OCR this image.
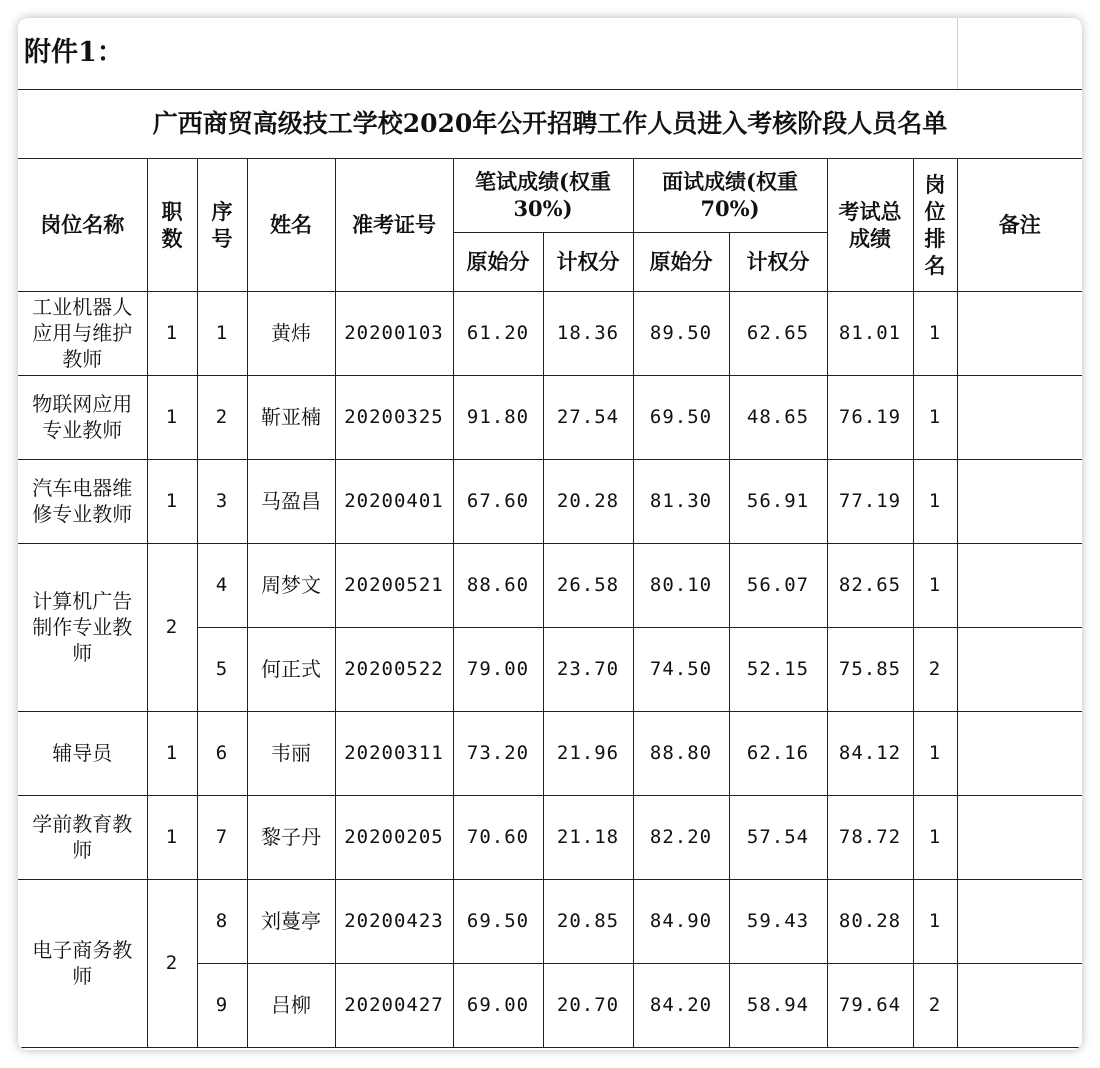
附件1：											
广西商贸高级技工学校2020年公开招聘工作人员进入考核阶段人员名单											
岗位名称	职数	序号	姓名	准考证号	笔试成绩(权重30%)		面试成绩(权重70%)		考试总成绩	岗位排名	备注
					原始分	计权分	原始分	计权分			

工业机器人应用与维护教师	1	1	黄炜	20200103	61.20	18.36	89.50	62.65	81.01	1	

物联网应用专业教师	1	2	靳亚楠	20200325	91.80	27.54	69.50	48.65	76.19	1	

汽车电器维修专业教师	1	3	马盈昌	20200401	67.60	20.28	81.30	56.91	77.19	1	

计算机广告制作专业教师	2	4	周梦文	20200521	88.60	26.58	80.10	56.07	82.65	1	
		5	何正式	20200522	79.00	23.70	74.50	52.15	75.85	2	

辅导员	1	6	韦丽	20200311	73.20	21.96	88.80	62.16	84.12	1	

学前教育教师	1	7	黎子丹	20200205	70.60	21.18	82.20	57.54	78.72	1	

电子商务教师	2	8	刘蔓亭	20200423	69.50	20.85	84.90	59.43	80.28	1	
		9	吕柳	20200427	69.00	20.70	84.20	58.94	79.64	2	
